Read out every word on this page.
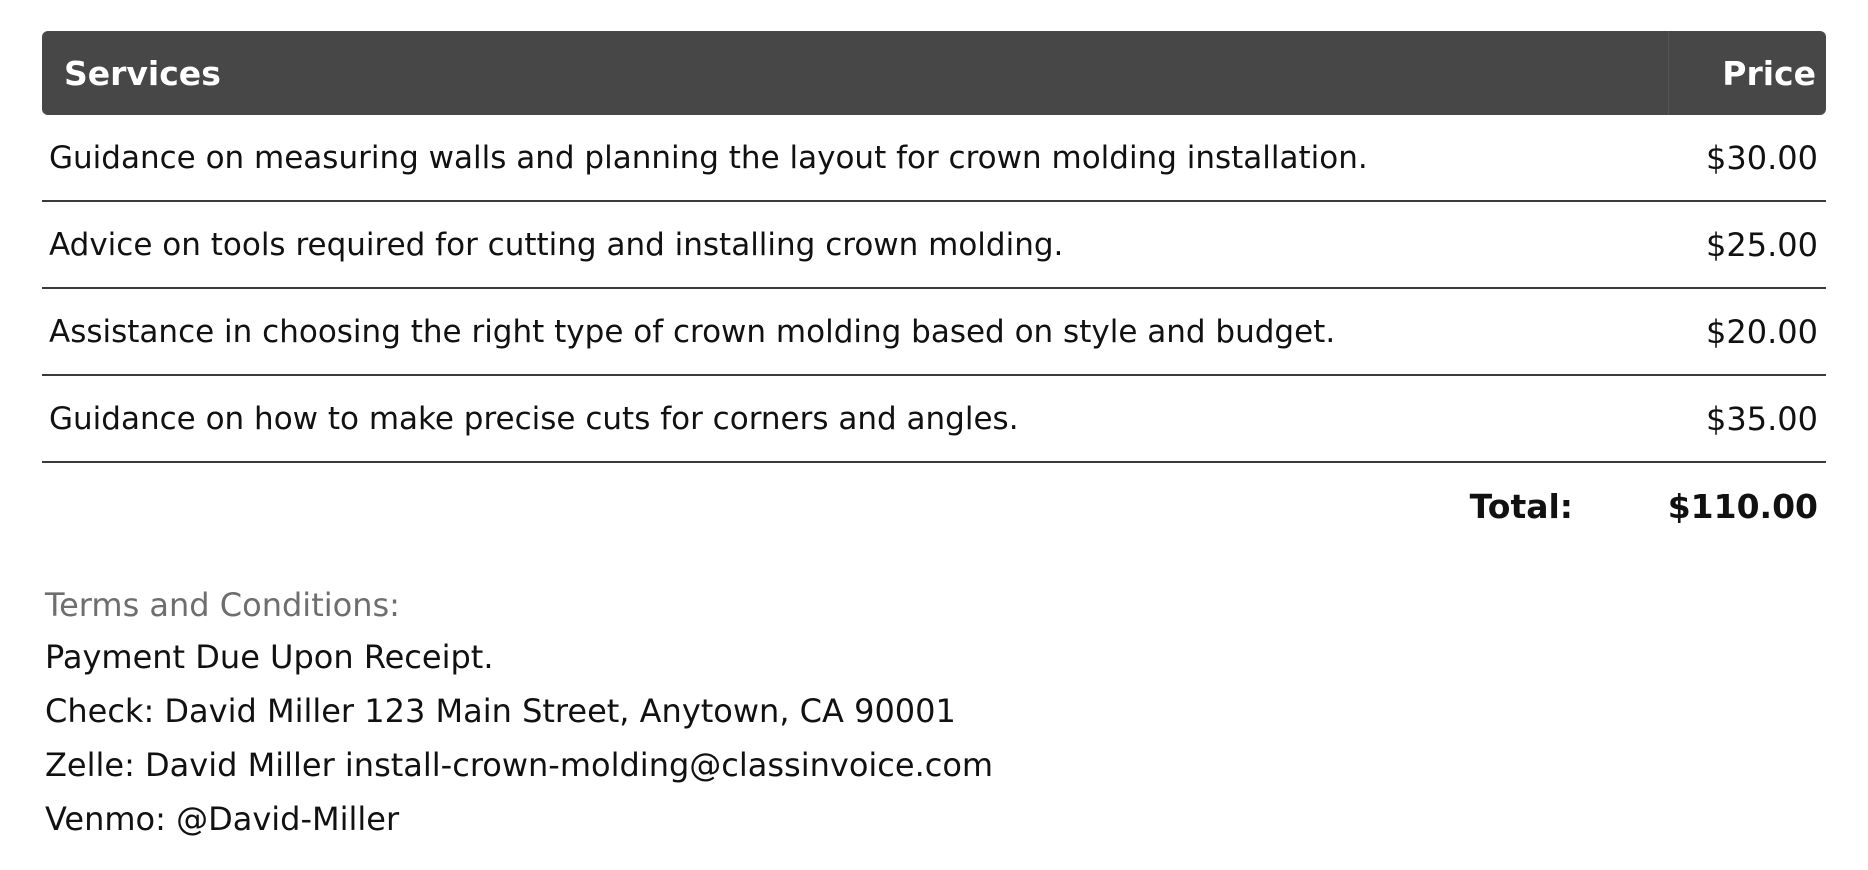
Services	Price
Guidance on measuring walls and planning the layout for crown molding installation.	$30.00
Advice on tools required for cutting and installing crown molding.	$25.00
Assistance in choosing the right type of crown molding based on style and budget.	$20.00
Guidance on how to make precise cuts for corners and angles.	$35.00
Total:	$110.00
Terms and Conditions:
Payment Due Upon Receipt.
Check: David Miller 123 Main Street, Anytown, CA 90001
Zelle: David Miller install-crown-molding@classinvoice.com
Venmo: @David-Miller
